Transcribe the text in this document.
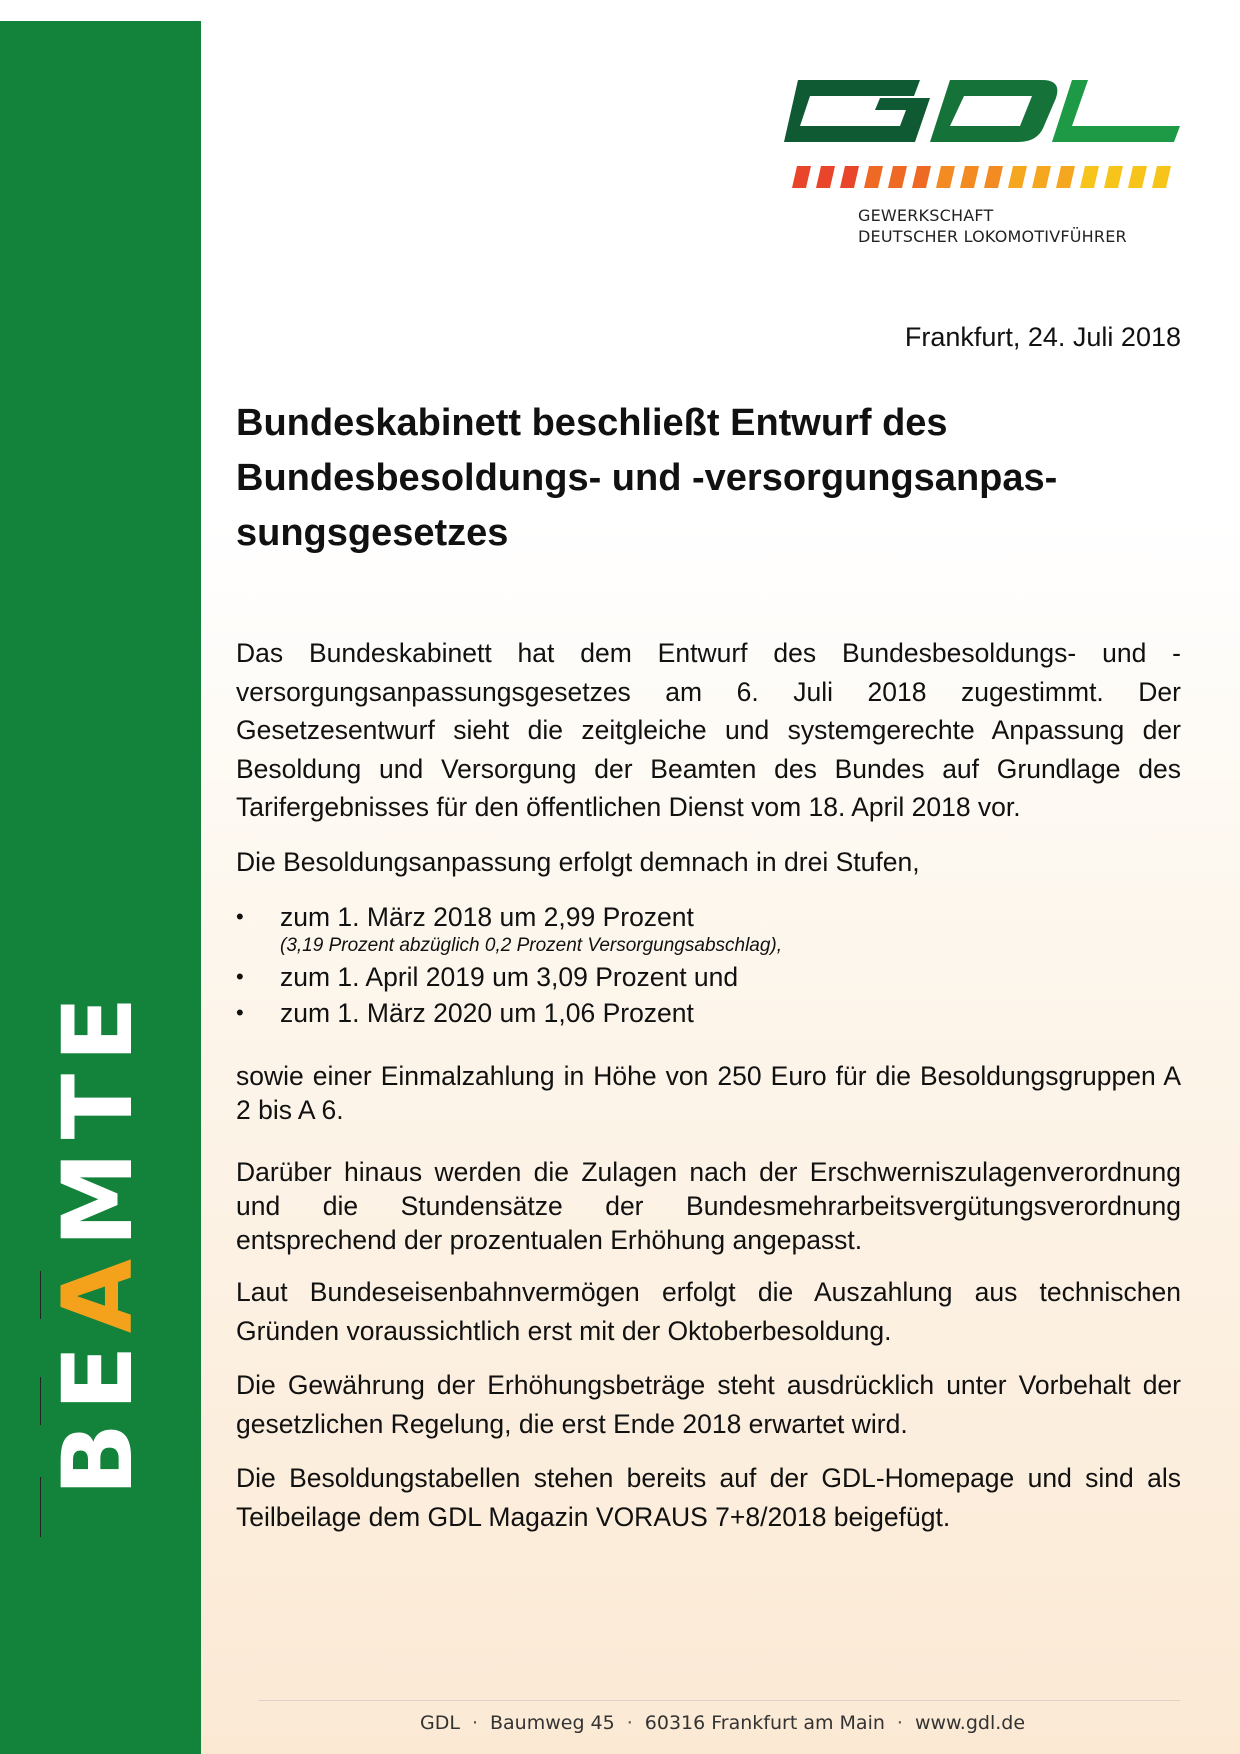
BEAMTE
GEWERKSCHAFT
DEUTSCHER LOKOMOTIVFÜHRER
Frankfurt, 24. Juli 2018
Bundeskabinett beschließt Entwurf des
Bundesbesoldungs- und -versorgungsanpas-
sungsgesetzes

Das Bundeskabinett hat dem Entwurf des Bundesbesoldungs- und -versorgungsanpassungsgesetzes am 6. Juli 2018 zugestimmt. Der Gesetzesentwurf sieht die zeitgleiche und systemgerechte Anpassung der Besoldung und Versorgung der Beamten des Bundes auf Grundlage des Tarifergebnisses für den öffentlichen Dienst vom 18. April 2018 vor.

Die Besoldungsanpassung erfolgt demnach in drei Stufen,

• zum 1. März 2018 um 2,99 Prozent
(3,19 Prozent abzüglich 0,2 Prozent Versorgungsabschlag),
• zum 1. April 2019 um 3,09 Prozent und
• zum 1. März 2020 um 1,06 Prozent

sowie einer Einmalzahlung in Höhe von 250 Euro für die Besoldungsgruppen A 2 bis A 6.

Darüber hinaus werden die Zulagen nach der Erschwerniszulagenverordnung und die Stundensätze der Bundesmehrarbeitsvergütungsverordnung entsprechend der prozentualen Erhöhung angepasst.

Laut Bundeseisenbahnvermögen erfolgt die Auszahlung aus technischen Gründen voraussichtlich erst mit der Oktoberbesoldung.

Die Gewährung der Erhöhungsbeträge steht ausdrücklich unter Vorbehalt der gesetzlichen Regelung, die erst Ende 2018 erwartet wird.

Die Besoldungstabellen stehen bereits auf der GDL-Homepage und sind als Teilbeilage dem GDL Magazin VORAUS 7+8/2018 beigefügt.

GDL · Baumweg 45 · 60316 Frankfurt am Main · www.gdl.de
